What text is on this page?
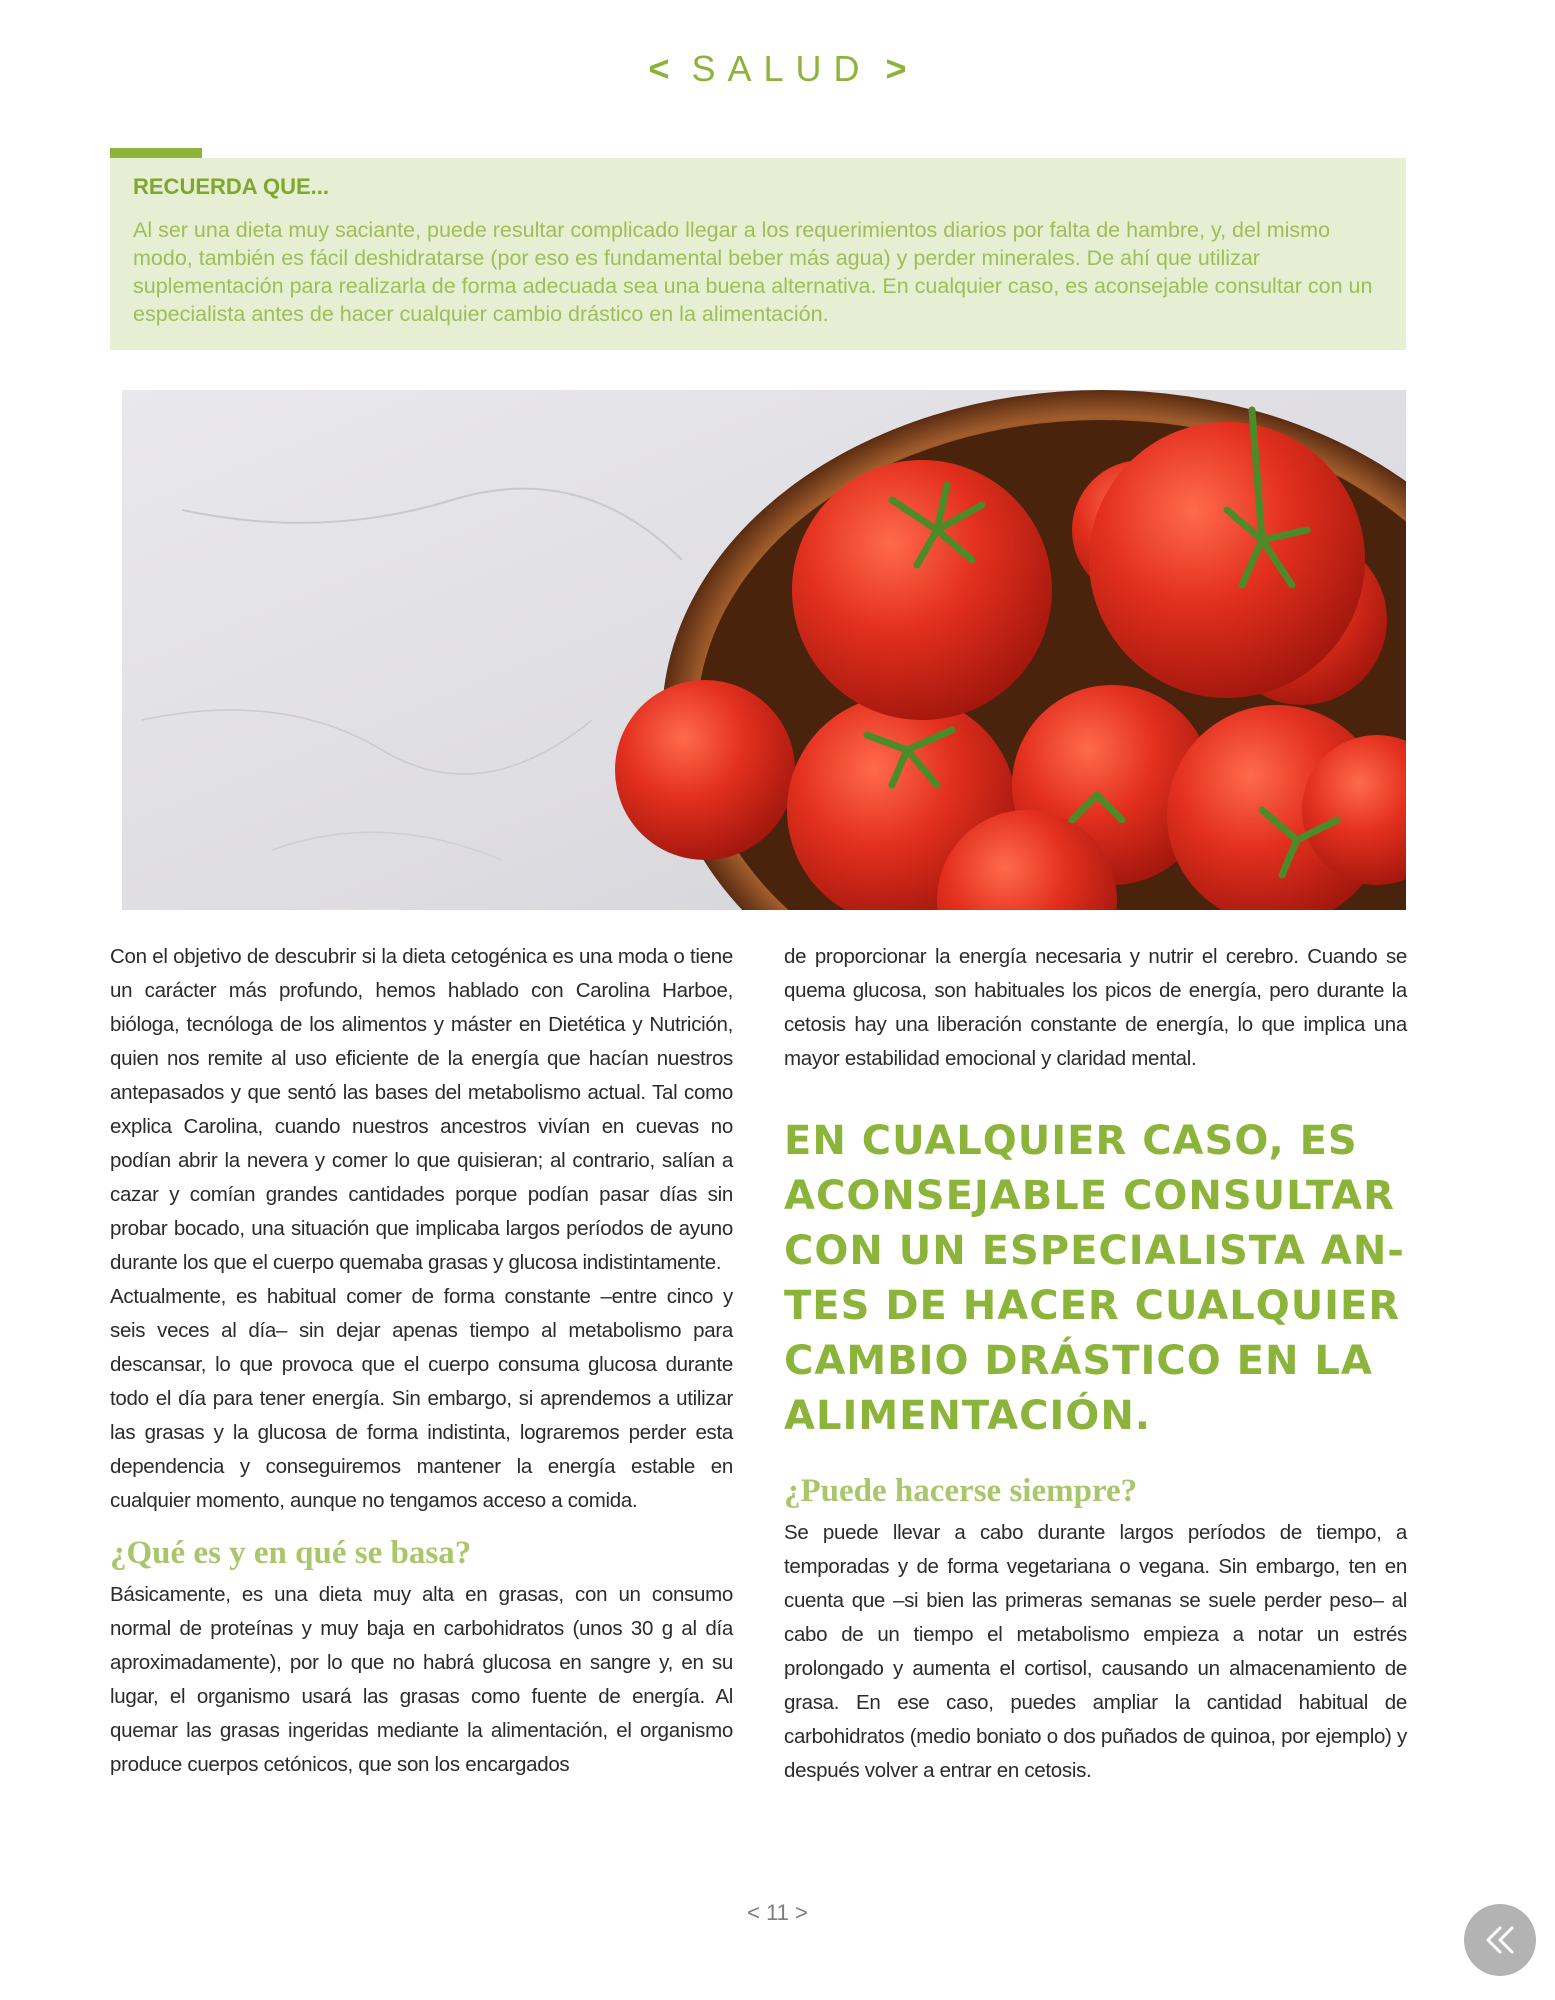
< SALUD >
RECUERDA QUE...

Al ser una dieta muy saciante, puede resultar complicado llegar a los requerimientos diarios por falta de hambre, y, del mismo modo, también es fácil deshidratarse (por eso es fundamental beber más agua) y perder minerales. De ahí que utilizar suplementación para realizarla de forma adecuada sea una buena alternativa. En cualquier caso, es aconsejable consultar con un especialista antes de hacer cualquier cambio drástico en la alimentación.

Con el objetivo de descubrir si la dieta cetogénica es una moda o tiene un carácter más profundo, hemos hablado con Carolina Harboe, bióloga, tecnóloga de los alimentos y máster en Dietética y Nutrición, quien nos remite al uso eficiente de la energía que hacían nuestros antepasados y que sentó las bases del metabolismo actual. Tal como explica Carolina, cuando nuestros ancestros vivían en cuevas no podían abrir la nevera y comer lo que quisieran; al contrario, salían a cazar y comían grandes cantidades porque podían pasar días sin probar bocado, una situación que implicaba largos períodos de ayuno durante los que el cuerpo quemaba grasas y glucosa indistintamente.

Actualmente, es habitual comer de forma constante –entre cinco y seis veces al día– sin dejar apenas tiempo al metabolismo para descansar, lo que provoca que el cuerpo consuma glucosa durante todo el día para tener energía. Sin embargo, si aprendemos a utilizar las grasas y la glucosa de forma indistinta, lograremos perder esta dependencia y conseguiremos mantener la energía estable en cualquier momento, aunque no tengamos acceso a comida.

¿Qué es y en qué se basa?

Básicamente, es una dieta muy alta en grasas, con un consumo normal de proteínas y muy baja en carbohidratos (unos 30 g al día aproximadamente), por lo que no habrá glucosa en sangre y, en su lugar, el organismo usará las grasas como fuente de energía. Al quemar las grasas ingeridas mediante la alimentación, el organismo produce cuerpos cetónicos, que son los encargados

de proporcionar la energía necesaria y nutrir el cerebro. Cuando se quema glucosa, son habituales los picos de energía, pero durante la cetosis hay una liberación constante de energía, lo que implica una mayor estabilidad emocional y claridad mental.

EN CUALQUIER CASO, ES ACONSEJABLE CONSULTAR CON UN ESPECIALISTA AN-TES DE HACER CUALQUIER CAMBIO DRÁSTICO EN LA ALIMENTACIÓN.
¿Puede hacerse siempre?

Se puede llevar a cabo durante largos períodos de tiempo, a temporadas y de forma vegetariana o vegana. Sin embargo, ten en cuenta que –si bien las primeras semanas se suele perder peso– al cabo de un tiempo el metabolismo empieza a notar un estrés prolongado y aumenta el cortisol, causando un almacenamiento de grasa. En ese caso, puedes ampliar la cantidad habitual de carbohidratos (medio boniato o dos puñados de quinoa, por ejemplo) y después volver a entrar en cetosis.

< 11 >
